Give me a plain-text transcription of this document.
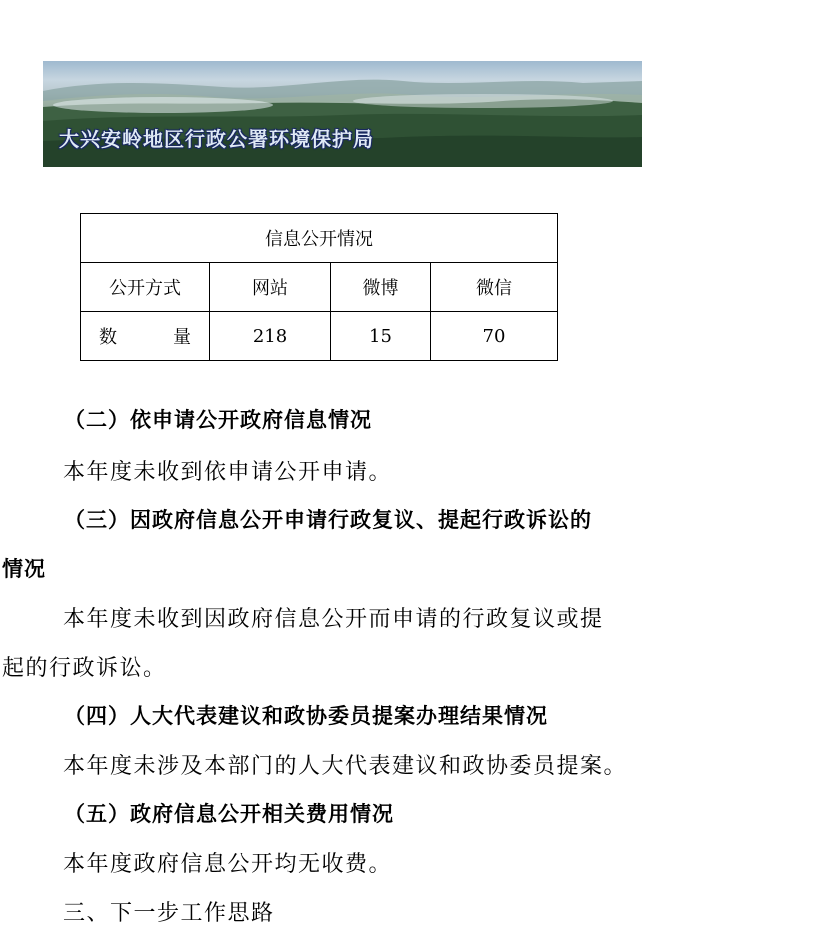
大兴安岭地区行政公署环境保护局
信息公开情况			
公开方式	网站	微博	微信

数 量	218	15	70
（二）依申请公开政府信息情况
本年度未收到依申请公开申请。
（三）因政府信息公开申请行政复议、提起行政诉讼的
情况
本年度未收到因政府信息公开而申请的行政复议或提
起的行政诉讼。
（四）人大代表建议和政协委员提案办理结果情况
本年度未涉及本部门的人大代表建议和政协委员提案。
（五）政府信息公开相关费用情况
本年度政府信息公开均无收费。
三、下一步工作思路
